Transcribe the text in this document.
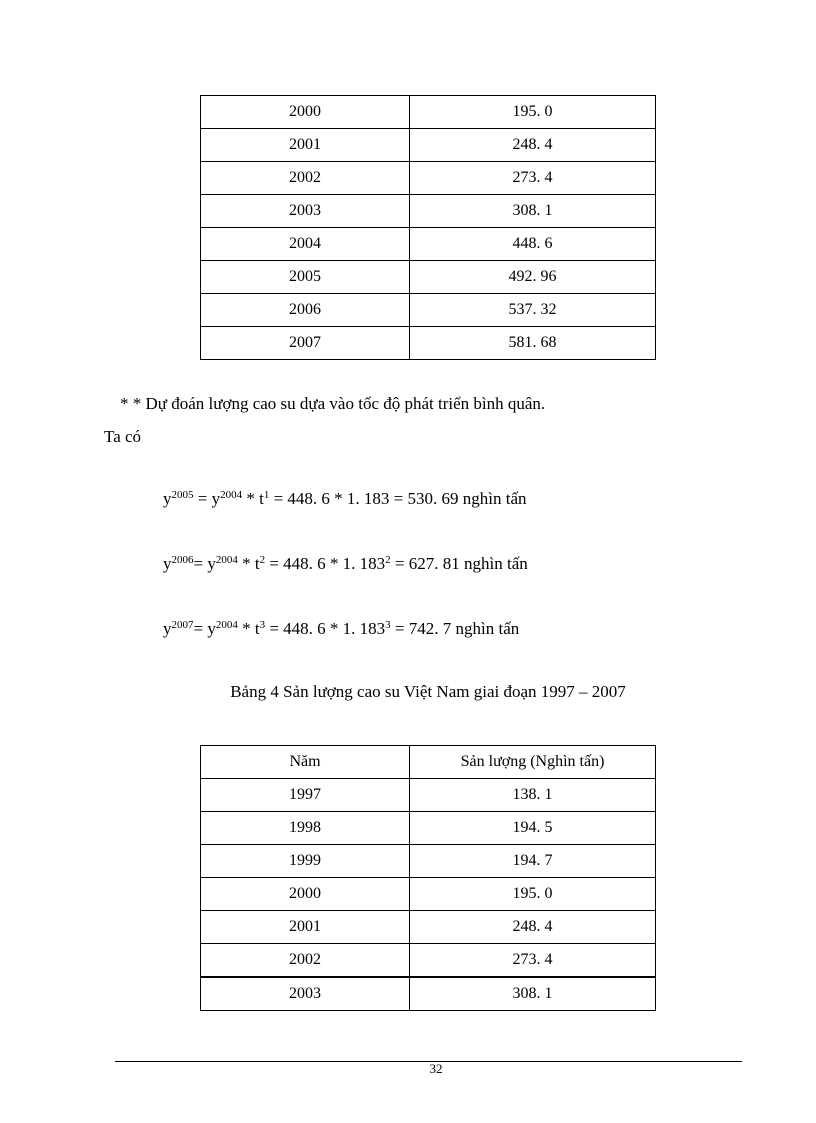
2000	195. 0
2001	248. 4
2002	273. 4
2003	308. 1
2004	448. 6
2005	492. 96
2006	537. 32
2007	581. 68
* * Dự đoán lượng cao su dựa vào tốc độ phát triển bình quân.
Ta có
$y^{2005} = y^{2004} * t^1 = 448$. 6 * 1. 183 = 530. 69 nghìn tấn
$y^{2006}= y^{2004} * t^2 = 448$. 6 * 1. $183^2 = 627$. 81 nghìn tấn
$y^{2007}= y^{2004} * t^3 = 448$. 6 * 1. $183^3 = 742$. 7 nghìn tấn
Bảng 4 Sản lượng cao su Việt Nam giai đoạn 1997 – 2007
Năm	Sản lượng (Nghìn tấn)
1997	138. 1
1998	194. 5
1999	194. 7
2000	195. 0
2001	248. 4
2002	273. 4
2003	308. 1
32
